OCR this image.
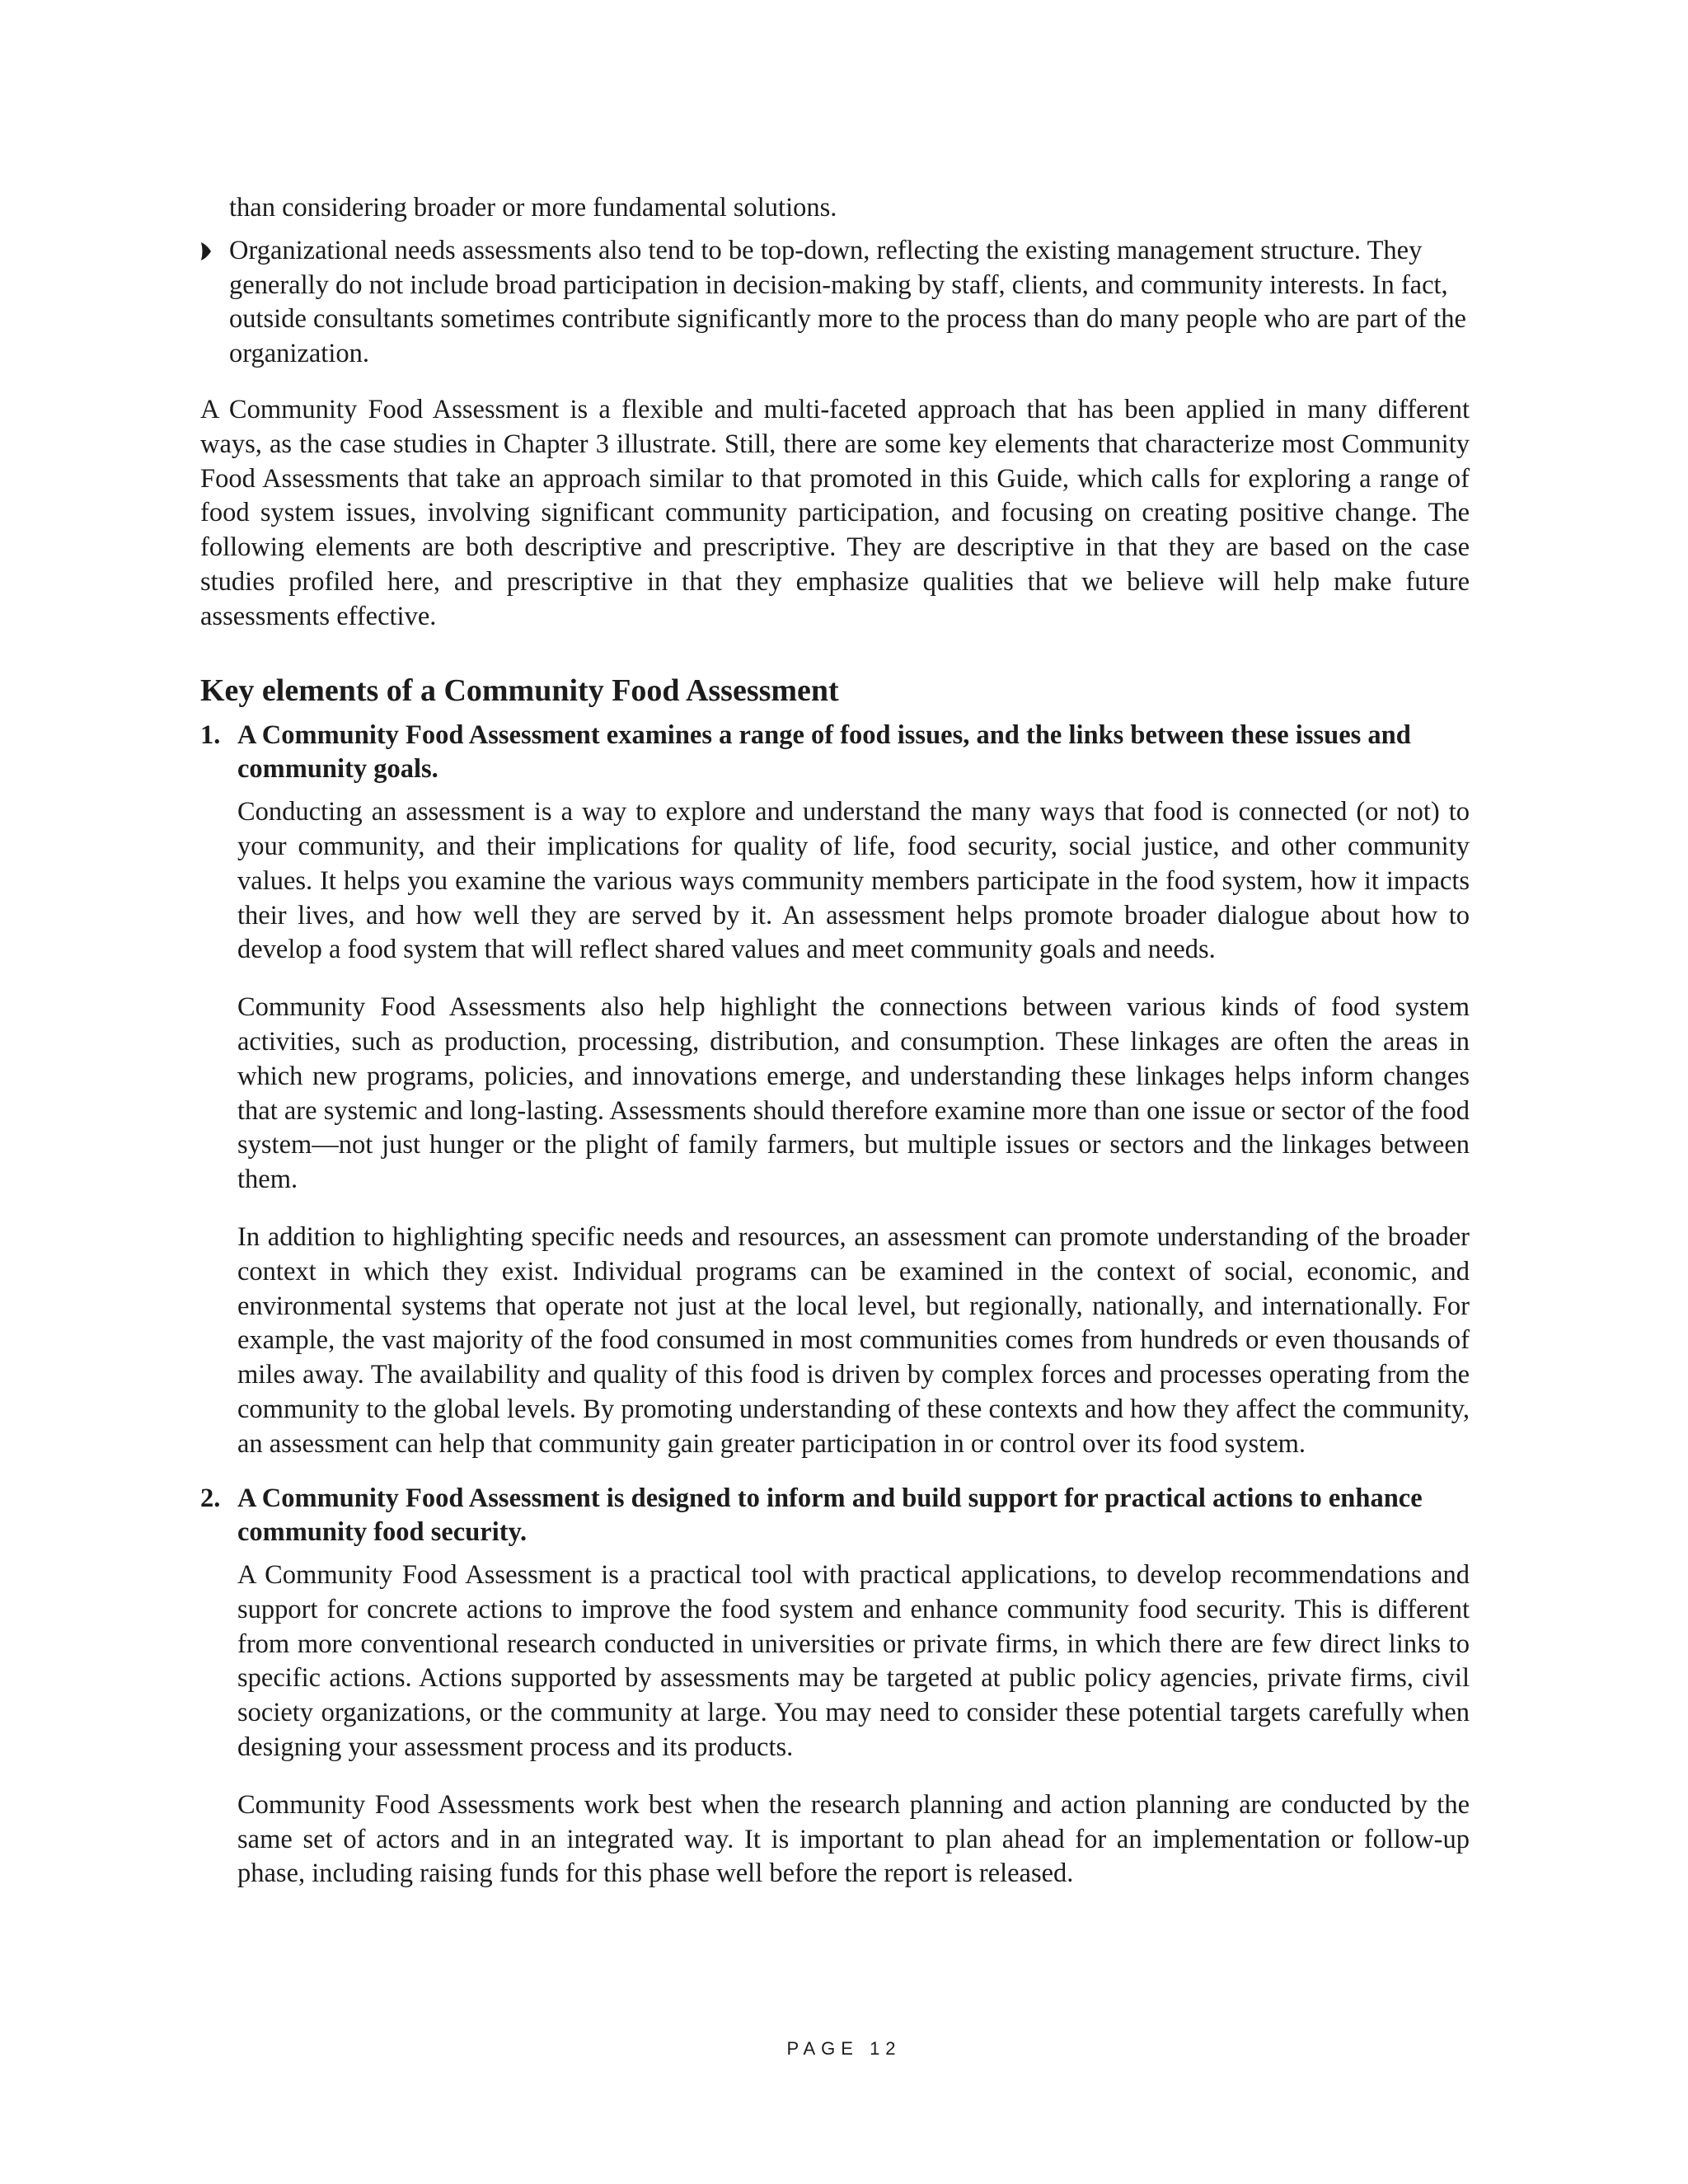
than considering broader or more fundamental solutions.

Organizational needs assessments also tend to be top-down, reflecting the existing management structure. They generally do not include broad participation in decision-making by staff, clients, and community interests. In fact, outside consultants sometimes contribute significantly more to the process than do many people who are part of the organization.

A Community Food Assessment is a flexible and multi-faceted approach that has been applied in many different ways, as the case studies in Chapter 3 illustrate. Still, there are some key elements that characterize most Community Food Assessments that take an approach similar to that promoted in this Guide, which calls for exploring a range of food system issues, involving significant community participation, and focusing on creating positive change. The following elements are both descriptive and prescriptive. They are descriptive in that they are based on the case studies profiled here, and prescriptive in that they emphasize qualities that we believe will help make future assessments effective.

Key elements of a Community Food Assessment
1. A Community Food Assessment examines a range of food issues, and the links between these issues and community goals.

Conducting an assessment is a way to explore and understand the many ways that food is connected (or not) to your community, and their implications for quality of life, food security, social justice, and other community values. It helps you examine the various ways community members participate in the food system, how it impacts their lives, and how well they are served by it. An assessment helps promote broader dialogue about how to develop a food system that will reflect shared values and meet community goals and needs.

Community Food Assessments also help highlight the connections between various kinds of food system activities, such as production, processing, distribution, and consumption. These linkages are often the areas in which new programs, policies, and innovations emerge, and understanding these linkages helps inform changes that are systemic and long-lasting. Assessments should therefore examine more than one issue or sector of the food system—not just hunger or the plight of family farmers, but multiple issues or sectors and the linkages between them.

In addition to highlighting specific needs and resources, an assessment can promote understanding of the broader context in which they exist. Individual programs can be examined in the context of social, economic, and environmental systems that operate not just at the local level, but regionally, nationally, and internationally. For example, the vast majority of the food consumed in most communities comes from hundreds or even thousands of miles away. The availability and quality of this food is driven by complex forces and processes operating from the community to the global levels. By promoting understanding of these contexts and how they affect the community, an assessment can help that community gain greater participation in or control over its food system.

2. A Community Food Assessment is designed to inform and build support for practical actions to enhance community food security.

A Community Food Assessment is a practical tool with practical applications, to develop recommendations and support for concrete actions to improve the food system and enhance community food security. This is different from more conventional research conducted in universities or private firms, in which there are few direct links to specific actions. Actions supported by assessments may be targeted at public policy agencies, private firms, civil society organizations, or the community at large. You may need to consider these potential targets carefully when designing your assessment process and its products.

Community Food Assessments work best when the research planning and action planning are conducted by the same set of actors and in an integrated way. It is important to plan ahead for an implementation or follow-up phase, including raising funds for this phase well before the report is released.

PAGE 12
